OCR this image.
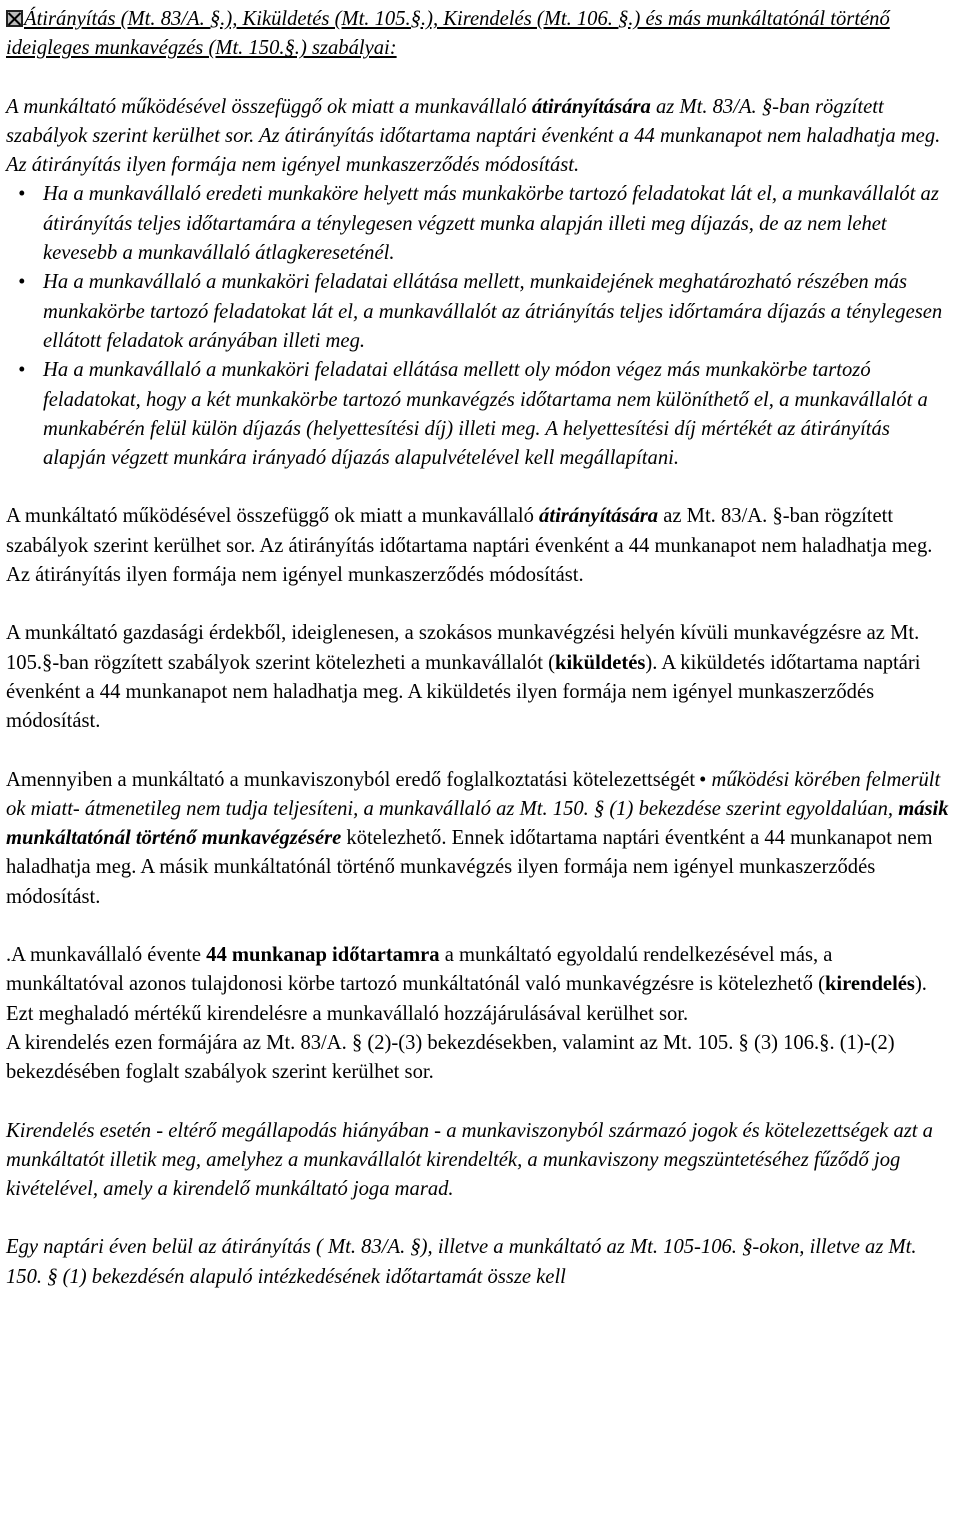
Átirányítás (Mt. 83/A. §.), Kiküldetés (Mt. 105.§.), Kirendelés (Mt. 106. §.) és más munkáltatónál történő ideigleges munkavégzés (Mt. 150.§.) szabályai:

A munkáltató működésével összefüggő ok miatt a munkavállaló átirányítására az Mt. 83/A. §-ban rögzített szabályok szerint kerülhet sor. Az átirányítás időtartama naptári évenként a 44 munkanapot nem haladhatja meg. Az átirányítás ilyen formája nem igényel munkaszerződés módosítást.

• Ha a munkavállaló eredeti munkaköre helyett más munkakörbe tartozó feladatokat lát el, a munkavállalót az átirányítás teljes időtartamára a ténylegesen végzett munka alapján illeti meg díjazás, de az nem lehet kevesebb a munkavállaló átlagkereseténél.
• Ha a munkavállaló a munkaköri feladatai ellátása mellett, munkaidejének meghatározható részében más munkakörbe tartozó feladatokat lát el, a munkavállalót az átriányítás teljes időrtamára díjazás a ténylegesen ellátott feladatok arányában illeti meg.
• Ha a munkavállaló a munkaköri feladatai ellátása mellett oly módon végez más munkakörbe tartozó feladatokat, hogy a két munkakörbe tartozó munkavégzés időtartama nem különíthető el, a munkavállalót a munkabérén felül külön díjazás (helyettesítési díj) illeti meg. A helyettesítési díj mértékét az átirányítás alapján végzett munkára irányadó díjazás alapulvételével kell megállapítani.

A munkáltató működésével összefüggő ok miatt a munkavállaló átirányítására az Mt. 83/A. §-ban rögzített szabályok szerint kerülhet sor. Az átirányítás időtartama naptári évenként a 44 munkanapot nem haladhatja meg. Az átirányítás ilyen formája nem igényel munkaszerződés módosítást.

A munkáltató gazdasági érdekből, ideiglenesen, a szokásos munkavégzési helyén kívüli munkavégzésre az Mt. 105.§-ban rögzített szabályok szerint kötelezheti a munkavállalót (kiküldetés). A kiküldetés időtartama naptári évenként a 44 munkanapot nem haladhatja meg. A kiküldetés ilyen formája nem igényel munkaszerződés módosítást.

Amennyiben a munkáltató a munkaviszonyból eredő foglalkoztatási kötelezettségét • működési körében felmerült ok miatt- átmenetileg nem tudja teljesíteni, a munkavállaló az Mt. 150. § (1) bekezdése szerint egyoldalúan, másik munkáltatónál történő munkavégzésére kötelezhető. Ennek időtartama naptári éventként a 44 munkanapot nem haladhatja meg. A másik munkáltatónál történő munkavégzés ilyen formája nem igényel munkaszerződés módosítást.

.A munkavállaló évente 44 munkanap időtartamra a munkáltató egyoldalú rendelkezésével más, a munkáltatóval azonos tulajdonosi körbe tartozó munkáltatónál való munkavégzésre is kötelezhető (kirendelés). Ezt meghaladó mértékű kirendelésre a munkavállaló hozzájárulásával kerülhet sor.

A kirendelés ezen formájára az Mt. 83/A. § (2)-(3) bekezdésekben, valamint az Mt. 105. § (3) 106.§. (1)-(2) bekezdésében foglalt szabályok szerint kerülhet sor.

Kirendelés esetén - eltérő megállapodás hiányában - a munkaviszonyból származó jogok és kötelezettségek azt a munkáltatót illetik meg, amelyhez a munkavállalót kirendelték, a munkaviszony megszüntetéséhez fűződő jog kivételével, amely a kirendelő munkáltató joga marad.

Egy naptári éven belül az átirányítás ( Mt. 83/A. §), illetve a munkáltató az Mt. 105-106. §-okon, illetve az Mt. 150. § (1) bekezdésén alapuló intézkedésének időtartamát össze kell
